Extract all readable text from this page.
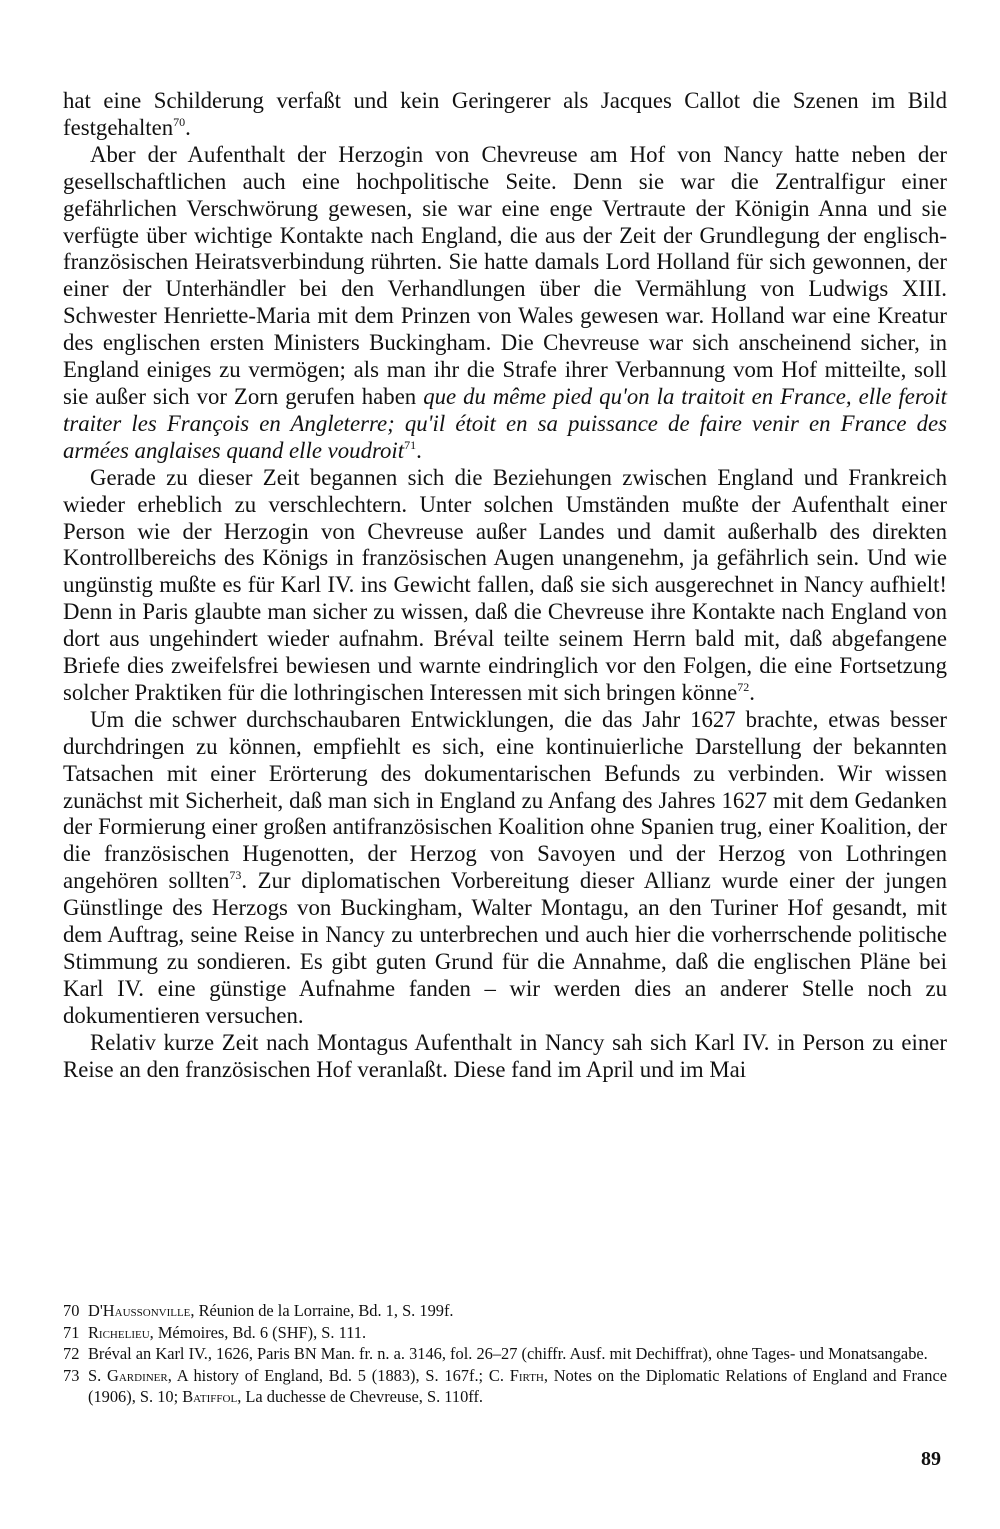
hat eine Schilderung verfaßt und kein Geringerer als Jacques Callot die Szenen im Bild festgehalten$^{70}$.

Aber der Aufenthalt der Herzogin von Chevreuse am Hof von Nancy hatte neben der gesellschaftlichen auch eine hochpolitische Seite. Denn sie war die Zentralfigur einer gefährlichen Verschwörung gewesen, sie war eine enge Vertraute der Königin Anna und sie verfügte über wichtige Kontakte nach England, die aus der Zeit der Grundlegung der englisch-französischen Heiratsverbindung rührten. Sie hatte damals Lord Holland für sich gewonnen, der einer der Unterhändler bei den Verhandlungen über die Vermählung von Ludwigs XIII. Schwester Henriette-Maria mit dem Prinzen von Wales gewesen war. Holland war eine Kreatur des englischen ersten Ministers Buckingham. Die Chevreuse war sich anscheinend sicher, in England einiges zu vermögen; als man ihr die Strafe ihrer Verbannung vom Hof mitteilte, soll sie außer sich vor Zorn gerufen haben que du même pied qu'on la traitoit en France, elle feroit traiter les François en Angleterre; qu'il étoit en sa puissance de faire venir en France des armées anglaises quand elle voudroit$^{71}$.

Gerade zu dieser Zeit begannen sich die Beziehungen zwischen England und Frankreich wieder erheblich zu verschlechtern. Unter solchen Umständen mußte der Aufenthalt einer Person wie der Herzogin von Chevreuse außer Landes und damit außerhalb des direkten Kontrollbereichs des Königs in französischen Augen unangenehm, ja gefährlich sein. Und wie ungünstig mußte es für Karl IV. ins Gewicht fallen, daß sie sich ausgerechnet in Nancy aufhielt! Denn in Paris glaubte man sicher zu wissen, daß die Chevreuse ihre Kontakte nach England von dort aus ungehindert wieder aufnahm. Bréval teilte seinem Herrn bald mit, daß abgefangene Briefe dies zweifelsfrei bewiesen und warnte eindringlich vor den Folgen, die eine Fortsetzung solcher Praktiken für die lothringischen Interessen mit sich bringen könne$^{72}$.

Um die schwer durchschaubaren Entwicklungen, die das Jahr 1627 brachte, etwas besser durchdringen zu können, empfiehlt es sich, eine kontinuierliche Darstellung der bekannten Tatsachen mit einer Erörterung des dokumentarischen Befunds zu verbinden. Wir wissen zunächst mit Sicherheit, daß man sich in England zu Anfang des Jahres 1627 mit dem Gedanken der Formierung einer großen antifranzösischen Koalition ohne Spanien trug, einer Koalition, der die französischen Hugenotten, der Herzog von Savoyen und der Herzog von Lothringen angehören sollten$^{73}$. Zur diplomatischen Vorbereitung dieser Allianz wurde einer der jungen Günstlinge des Herzogs von Buckingham, Walter Montagu, an den Turiner Hof gesandt, mit dem Auftrag, seine Reise in Nancy zu unterbrechen und auch hier die vorherrschende politische Stimmung zu sondieren. Es gibt guten Grund für die Annahme, daß die englischen Pläne bei Karl IV. eine günstige Aufnahme fanden – wir werden dies an anderer Stelle noch zu dokumentieren versuchen.

Relativ kurze Zeit nach Montagus Aufenthalt in Nancy sah sich Karl IV. in Person zu einer Reise an den französischen Hof veranlaßt. Diese fand im April und im Mai

70 D'Haussonville, Réunion de la Lorraine, Bd. 1, S. 199f.
71 Richelieu, Mémoires, Bd. 6 (SHF), S. 111.
72 Bréval an Karl IV., 1626, Paris BN Man. fr. n. a. 3146, fol. 26–27 (chiffr. Ausf. mit Dechiffrat), ohne Tages- und Monatsangabe.
73 S. Gardiner, A history of England, Bd. 5 (1883), S. 167f.; C. Firth, Notes on the Diplomatic Relations of England and France (1906), S. 10; Batiffol, La duchesse de Chevreuse, S. 110ff.
89
